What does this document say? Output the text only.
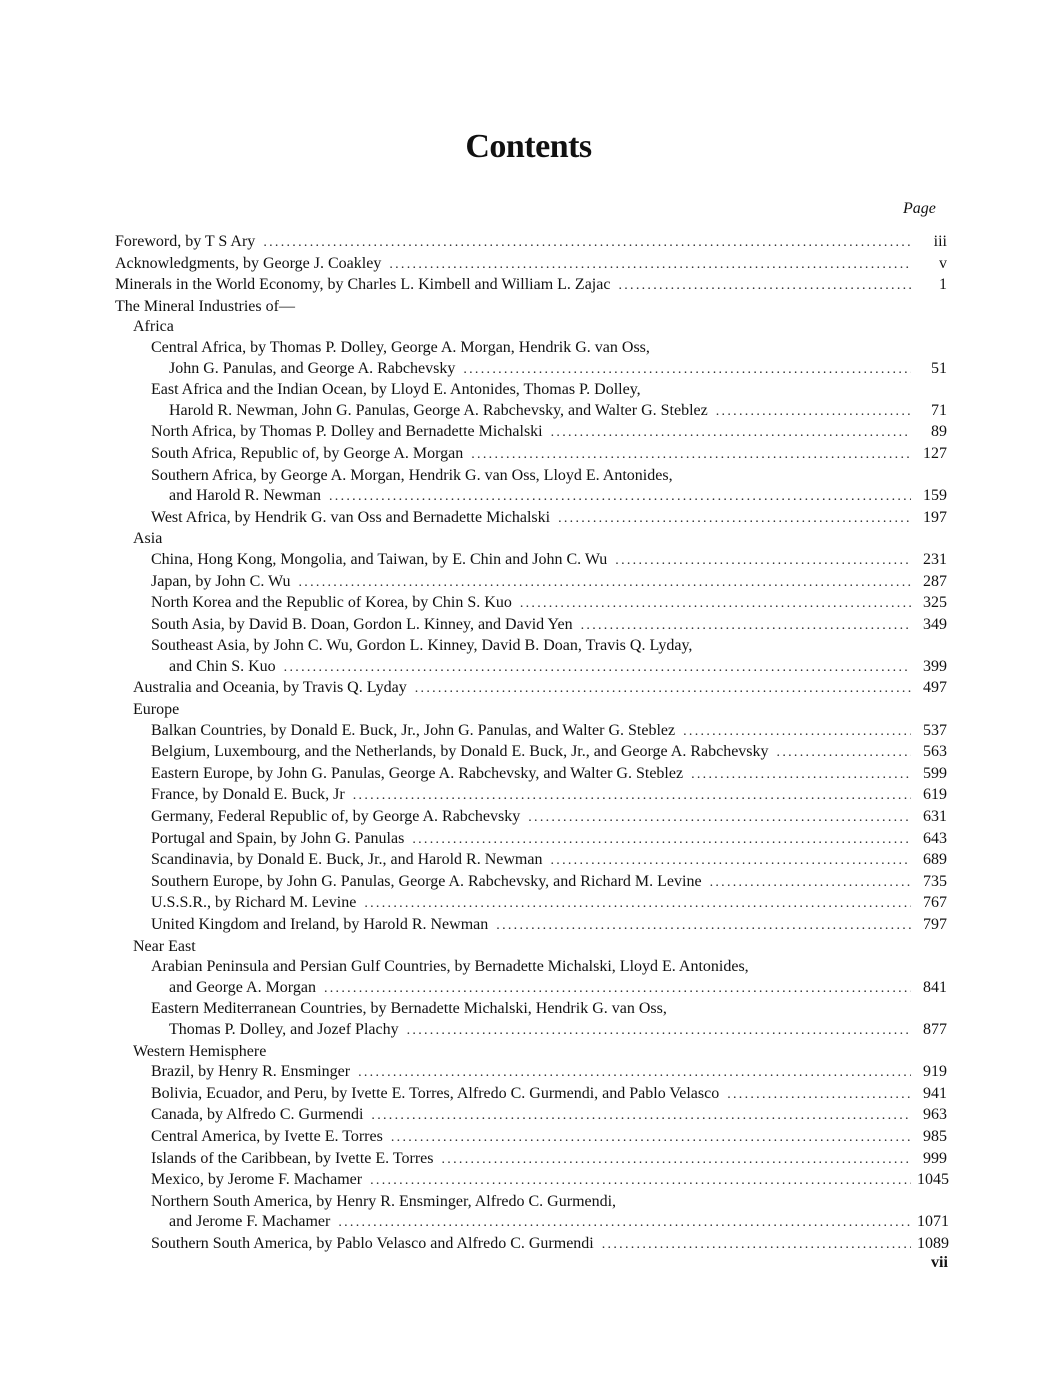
Contents
Page
Foreword, by T S Ary .....	iii
Acknowledgments, by George J. Coakley .....	v
Minerals in the World Economy, by Charles L. Kimbell and William L. Zajac .....	1
The Mineral Industries of—
Africa
Central Africa, by Thomas P. Dolley, George A. Morgan, Hendrik G. van Oss,
John G. Panulas, and George A. Rabchevsky .....	51
East Africa and the Indian Ocean, by Lloyd E. Antonides, Thomas P. Dolley,
Harold R. Newman, John G. Panulas, George A. Rabchevsky, and Walter G. Steblez .....	71
North Africa, by Thomas P. Dolley and Bernadette Michalski .....	89
South Africa, Republic of, by George A. Morgan .....	127
Southern Africa, by George A. Morgan, Hendrik G. van Oss, Lloyd E. Antonides,
and Harold R. Newman .....	159
West Africa, by Hendrik G. van Oss and Bernadette Michalski .....	197
Asia
China, Hong Kong, Mongolia, and Taiwan, by E. Chin and John C. Wu .....	231
Japan, by John C. Wu .....	287
North Korea and the Republic of Korea, by Chin S. Kuo .....	325
South Asia, by David B. Doan, Gordon L. Kinney, and David Yen .....	349
Southeast Asia, by John C. Wu, Gordon L. Kinney, David B. Doan, Travis Q. Lyday,
and Chin S. Kuo .....	399
Australia and Oceania, by Travis Q. Lyday .....	497
Europe
Balkan Countries, by Donald E. Buck, Jr., John G. Panulas, and Walter G. Steblez .....	537
Belgium, Luxembourg, and the Netherlands, by Donald E. Buck, Jr., and George A. Rabchevsky .....	563
Eastern Europe, by John G. Panulas, George A. Rabchevsky, and Walter G. Steblez .....	599
France, by Donald E. Buck, Jr .....	619
Germany, Federal Republic of, by George A. Rabchevsky .....	631
Portugal and Spain, by John G. Panulas .....	643
Scandinavia, by Donald E. Buck, Jr., and Harold R. Newman .....	689
Southern Europe, by John G. Panulas, George A. Rabchevsky, and Richard M. Levine .....	735
U.S.S.R., by Richard M. Levine .....	767
United Kingdom and Ireland, by Harold R. Newman .....	797
Near East
Arabian Peninsula and Persian Gulf Countries, by Bernadette Michalski, Lloyd E. Antonides,
and George A. Morgan .....	841
Eastern Mediterranean Countries, by Bernadette Michalski, Hendrik G. van Oss,
Thomas P. Dolley, and Jozef Plachy .....	877
Western Hemisphere
Brazil, by Henry R. Ensminger .....	919
Bolivia, Ecuador, and Peru, by Ivette E. Torres, Alfredo C. Gurmendi, and Pablo Velasco .....	941
Canada, by Alfredo C. Gurmendi .....	963
Central America, by Ivette E. Torres .....	985
Islands of the Caribbean, by Ivette E. Torres .....	999
Mexico, by Jerome F. Machamer .....	1045
Northern South America, by Henry R. Ensminger, Alfredo C. Gurmendi,
and Jerome F. Machamer .....	1071
Southern South America, by Pablo Velasco and Alfredo C. Gurmendi .....	1089
vii
